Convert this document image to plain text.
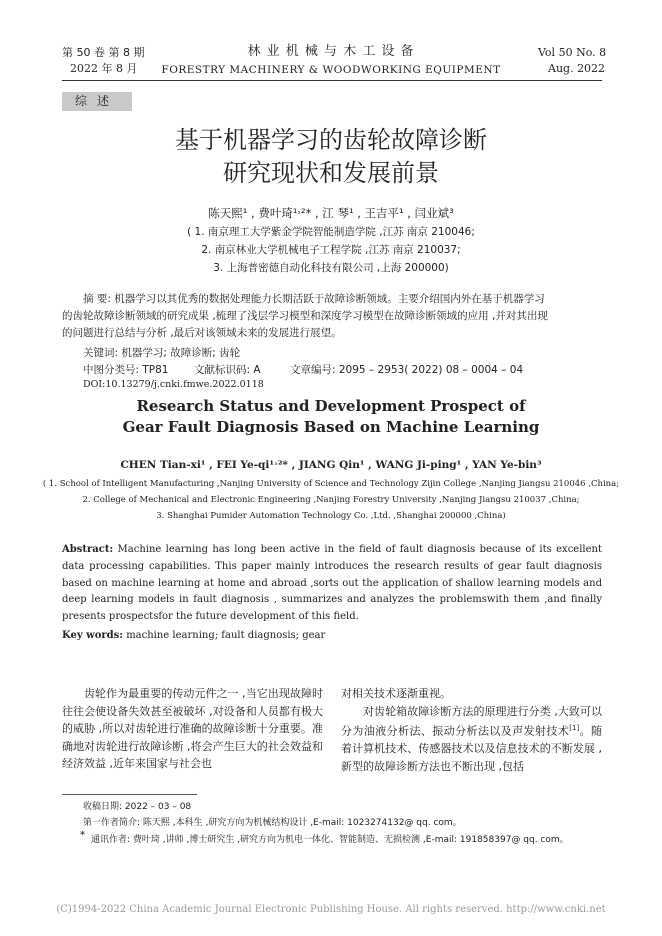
第 50 卷 第 8 期
2022 年 8 月
林 业 机 械 与 木 工 设 备
FORESTRY MACHINERY & WOODWORKING EQUIPMENT
Vol 50 No. 8
Aug. 2022
综述
基于机器学习的齿轮故障诊断
研究现状和发展前景
陈天熙¹ , 费叶琦¹˒²* , 江 琴¹ , 王吉平¹ , 闫业斌³
( 1. 南京理工大学紫金学院智能制造学院 ,江苏 南京 210046;
2. 南京林业大学机械电子工程学院 ,江苏 南京 210037;
3. 上海普密德自动化科技有限公司 ,上海 200000)
摘 要: 机器学习以其优秀的数据处理能力长期活跃于故障诊断领域。主要介绍国内外在基于机器学习
的齿轮故障诊断领域的研究成果 ,梳理了浅层学习模型和深度学习模型在故障诊断领域的应用 ,并对其出现
的问题进行总结与分析 ,最后对该领域未来的发展进行展望。
关键词: 机器学习; 故障诊断; 齿轮
中图分类号: TP81 文献标识码: A	文章编号: 2095 – 2953( 2022) 08 – 0004 – 04
DOI:10.13279/j.cnki.fmwe.2022.0118
Research Status and Development Prospect of
Gear Fault Diagnosis Based on Machine Learning
CHEN Tian-xi¹ , FEI Ye-qi¹˒²* , JIANG Qin¹ , WANG Ji-ping¹ , YAN Ye-bin³
( 1. School of Intelligent Manufacturing ,Nanjing University of Science and Technology Zijin College ,Nanjing Jiangsu 210046 ,China;
2. College of Mechanical and Electronic Engineering ,Nanjing Forestry University ,Nanjing Jiangsu 210037 ,China;
3. Shanghai Pumider Automation Technology Co. ,Ltd. ,Shanghai 200000 ,China)
Abstract: Machine learning has long been active in the field of fault diagnosis because of its excellent data processing capabilities. This paper mainly introduces the research results of gear fault diagnosis based on machine learning at home and abroad ,sorts out the application of shallow learning models and deep learning models in fault diagnosis , summarizes and analyzes the problemswith them ,and finally presents prospectsfor the future development of this field.
Key words: machine learning; fault diagnosis; gear

齿轮作为最重要的传动元件之一 ,当它出现故障时往往会使设备失效甚至被破坏 ,对设备和人员都有极大的威胁 ,所以对齿轮进行准确的故障诊断十分重要。准确地对齿轮进行故障诊断 ,将会产生巨大的社会效益和经济效益 ,近年来国家与社会也

对相关技术逐渐重视。

对齿轮箱故障诊断方法的原理进行分类 ,大致可以分为油液分析法、振动分析法以及声发射技术[1]。随着计算机技术、传感器技术以及信息技术的不断发展 ,新型的故障诊断方法也不断出现 ,包括

收稿日期: 2022 – 03 – 08
第一作者简介: 陈天熙 ,本科生 ,研究方向为机械结构设计 ,E-mail: 1023274132@ qq. com。
* 通讯作者: 费叶琦 ,讲师 ,博士研究生 ,研究方向为机电一体化、智能制造、无损检测 ,E-mail: 191858397@ qq. com。
(C)1994-2022 China Academic Journal Electronic Publishing House. All rights reserved. http://www.cnki.net
